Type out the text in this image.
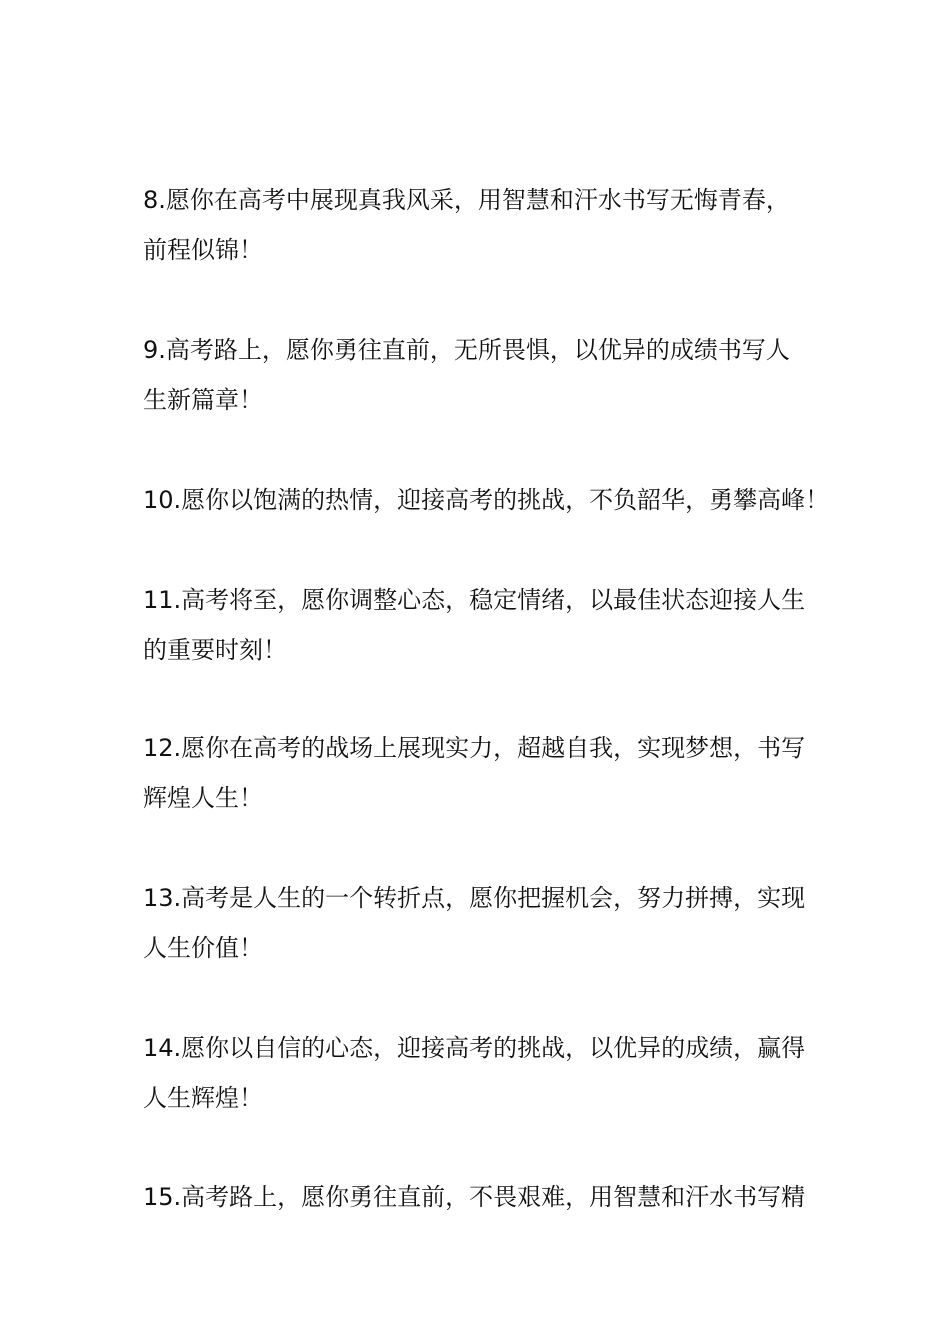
8.愿你在高考中展现真我风采，用智慧和汗水书写无悔青春，
前程似锦！

9.高考路上，愿你勇往直前，无所畏惧，以优异的成绩书写人
生新篇章！

10.愿你以饱满的热情，迎接高考的挑战，不负韶华，勇攀高峰！

11.高考将至，愿你调整心态，稳定情绪，以最佳状态迎接人生
的重要时刻！

12.愿你在高考的战场上展现实力，超越自我，实现梦想，书写
辉煌人生！

13.高考是人生的一个转折点，愿你把握机会，努力拼搏，实现
人生价值！

14.愿你以自信的心态，迎接高考的挑战，以优异的成绩，赢得
人生辉煌！

15.高考路上，愿你勇往直前，不畏艰难，用智慧和汗水书写精
